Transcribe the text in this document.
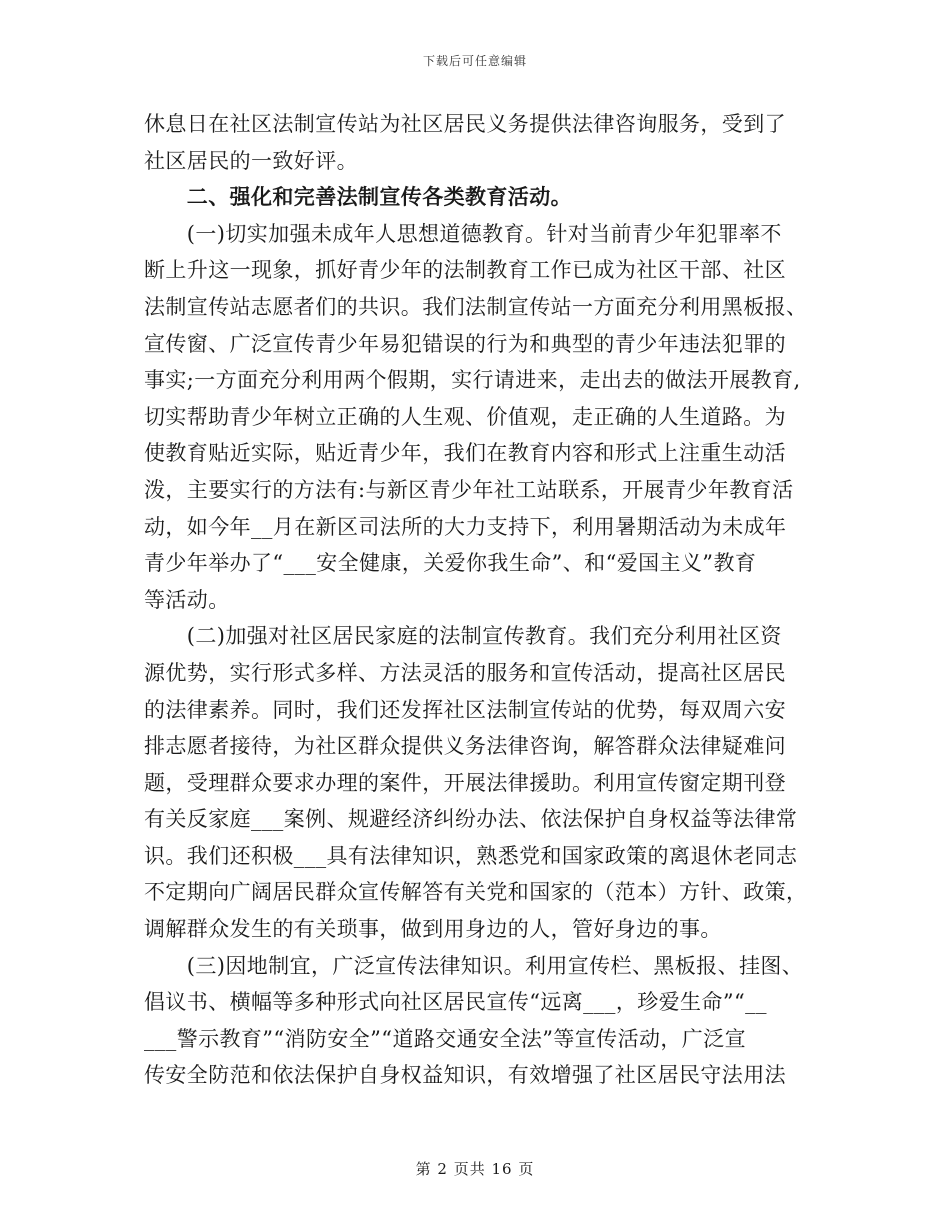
下载后可任意编辑
休息日在社区法制宣传站为社区居民义务提供法律咨询服务，受到了
社区居民的一致好评。
　　二、强化和完善法制宣传各类教育活动。
　　(一)切实加强未成年人思想道德教育。针对当前青少年犯罪率不
断上升这一现象，抓好青少年的法制教育工作已成为社区干部、社区
法制宣传站志愿者们的共识。我们法制宣传站一方面充分利用黑板报、
宣传窗、广泛宣传青少年易犯错误的行为和典型的青少年违法犯罪的
事实;一方面充分利用两个假期，实行请进来，走出去的做法开展教育,
切实帮助青少年树立正确的人生观、价值观，走正确的人生道路。为
使教育贴近实际，贴近青少年，我们在教育内容和形式上注重生动活
泼，主要实行的方法有:与新区青少年社工站联系，开展青少年教育活
动，如今年__月在新区司法所的大力支持下，利用暑期活动为未成年
青少年举办了“___安全健康，关爱你我生命”、和“爱国主义”教育
等活动。
　　(二)加强对社区居民家庭的法制宣传教育。我们充分利用社区资
源优势，实行形式多样、方法灵活的服务和宣传活动，提高社区居民
的法律素养。同时，我们还发挥社区法制宣传站的优势，每双周六安
排志愿者接待，为社区群众提供义务法律咨询，解答群众法律疑难问
题，受理群众要求办理的案件，开展法律援助。利用宣传窗定期刊登
有关反家庭___案例、规避经济纠纷办法、依法保护自身权益等法律常
识。我们还积极___具有法律知识，熟悉党和国家政策的离退休老同志
不定期向广阔居民群众宣传解答有关党和国家的（范本）方针、政策，
调解群众发生的有关琐事，做到用身边的人，管好身边的事。
　　(三)因地制宜，广泛宣传法律知识。利用宣传栏、黑板报、挂图、
倡议书、横幅等多种形式向社区居民宣传“远离___，珍爱生命”“__
___警示教育”“消防安全”“道路交通安全法”等宣传活动，广泛宣
传安全防范和依法保护自身权益知识，有效增强了社区居民守法用法
第 2 页共 16 页
